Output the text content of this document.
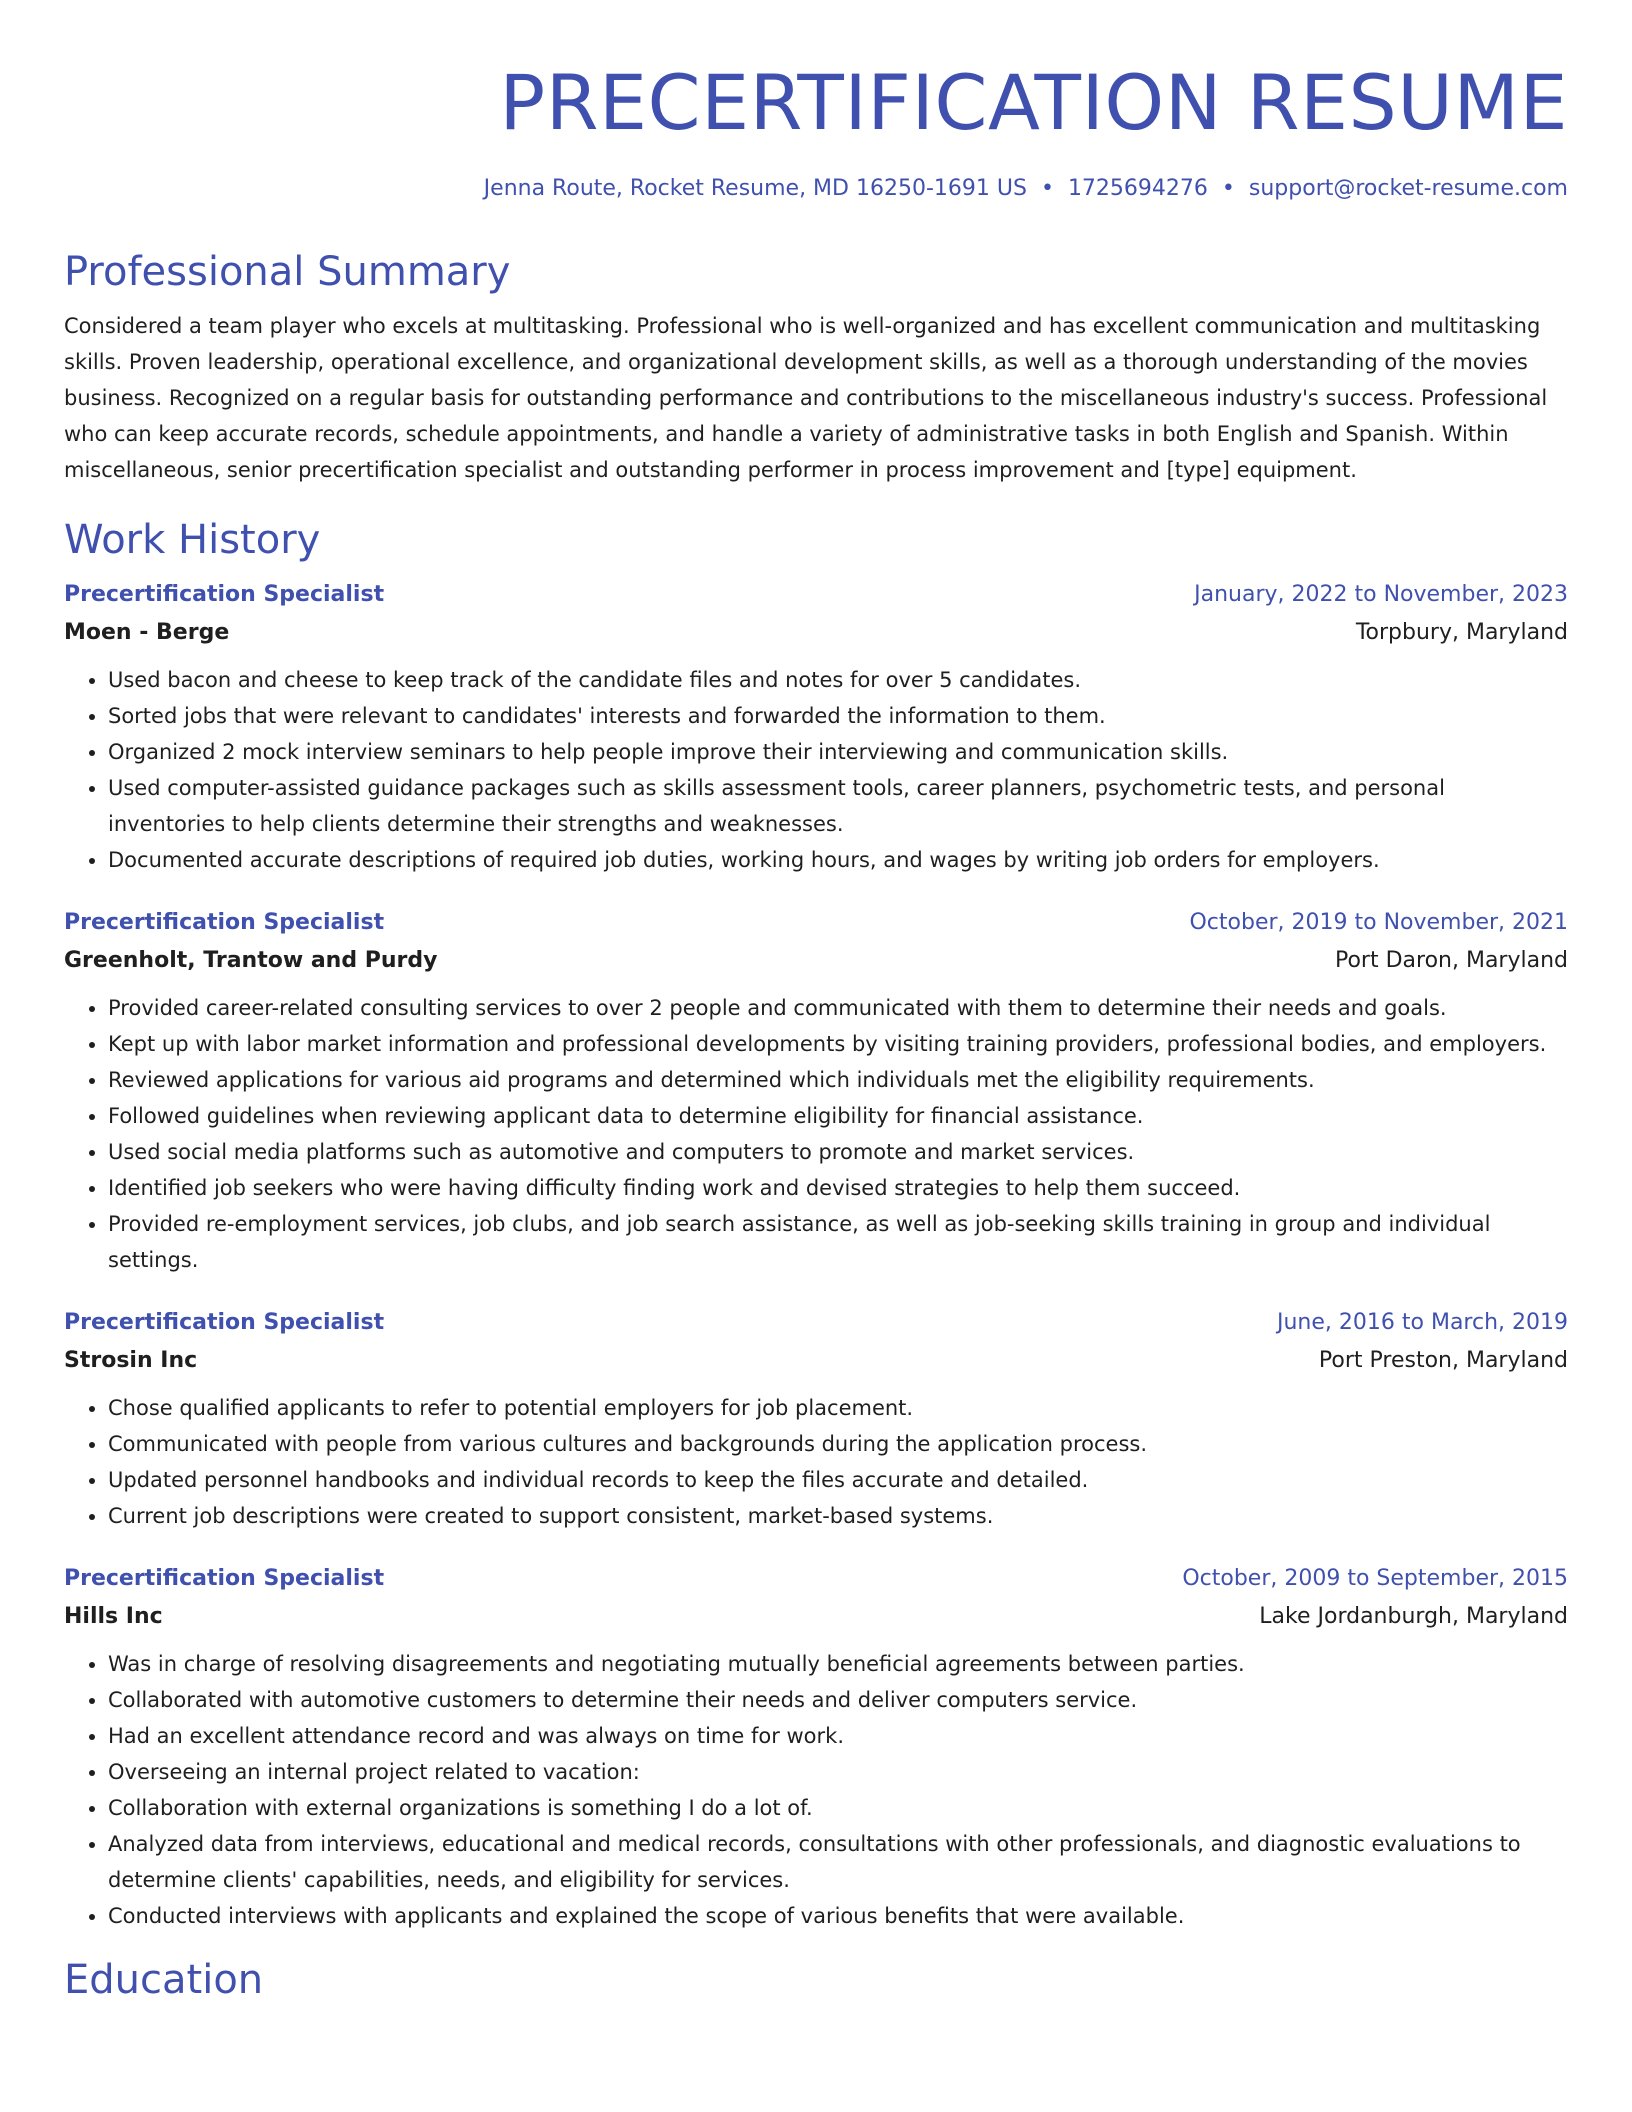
PRECERTIFICATION RESUME
Jenna Route, Rocket Resume, MD 16250-1691 US • 1725694276 • support@rocket-resume.com
Professional Summary
Considered a team player who excels at multitasking. Professional who is well-organized and has excellent communication and multitasking skills. Proven leadership, operational excellence, and organizational development skills, as well as a thorough understanding of the movies business. Recognized on a regular basis for outstanding performance and contributions to the miscellaneous industry's success. Professional who can keep accurate records, schedule appointments, and handle a variety of administrative tasks in both English and Spanish. Within miscellaneous, senior precertification specialist and outstanding performer in process improvement and [type] equipment.
Work History
Precertification Specialist	January, 2022 to November, 2023
Moen - Berge	Torpbury, Maryland
• Used bacon and cheese to keep track of the candidate files and notes for over 5 candidates.
• Sorted jobs that were relevant to candidates' interests and forwarded the information to them.
• Organized 2 mock interview seminars to help people improve their interviewing and communication skills.
• Used computer-assisted guidance packages such as skills assessment tools, career planners, psychometric tests, and personal inventories to help clients determine their strengths and weaknesses.
• Documented accurate descriptions of required job duties, working hours, and wages by writing job orders for employers.
Precertification Specialist	October, 2019 to November, 2021
Greenholt, Trantow and Purdy	Port Daron, Maryland
• Provided career-related consulting services to over 2 people and communicated with them to determine their needs and goals.
• Kept up with labor market information and professional developments by visiting training providers, professional bodies, and employers.
• Reviewed applications for various aid programs and determined which individuals met the eligibility requirements.
• Followed guidelines when reviewing applicant data to determine eligibility for financial assistance.
• Used social media platforms such as automotive and computers to promote and market services.
• Identified job seekers who were having difficulty finding work and devised strategies to help them succeed.
• Provided re-employment services, job clubs, and job search assistance, as well as job-seeking skills training in group and individual settings.
Precertification Specialist	June, 2016 to March, 2019
Strosin Inc	Port Preston, Maryland
• Chose qualified applicants to refer to potential employers for job placement.
• Communicated with people from various cultures and backgrounds during the application process.
• Updated personnel handbooks and individual records to keep the files accurate and detailed.
• Current job descriptions were created to support consistent, market-based systems.
Precertification Specialist	October, 2009 to September, 2015
Hills Inc	Lake Jordanburgh, Maryland
• Was in charge of resolving disagreements and negotiating mutually beneficial agreements between parties.
• Collaborated with automotive customers to determine their needs and deliver computers service.
• Had an excellent attendance record and was always on time for work.
• Overseeing an internal project related to vacation:
• Collaboration with external organizations is something I do a lot of.
• Analyzed data from interviews, educational and medical records, consultations with other professionals, and diagnostic evaluations to determine clients' capabilities, needs, and eligibility for services.
• Conducted interviews with applicants and explained the scope of various benefits that were available.
Education
